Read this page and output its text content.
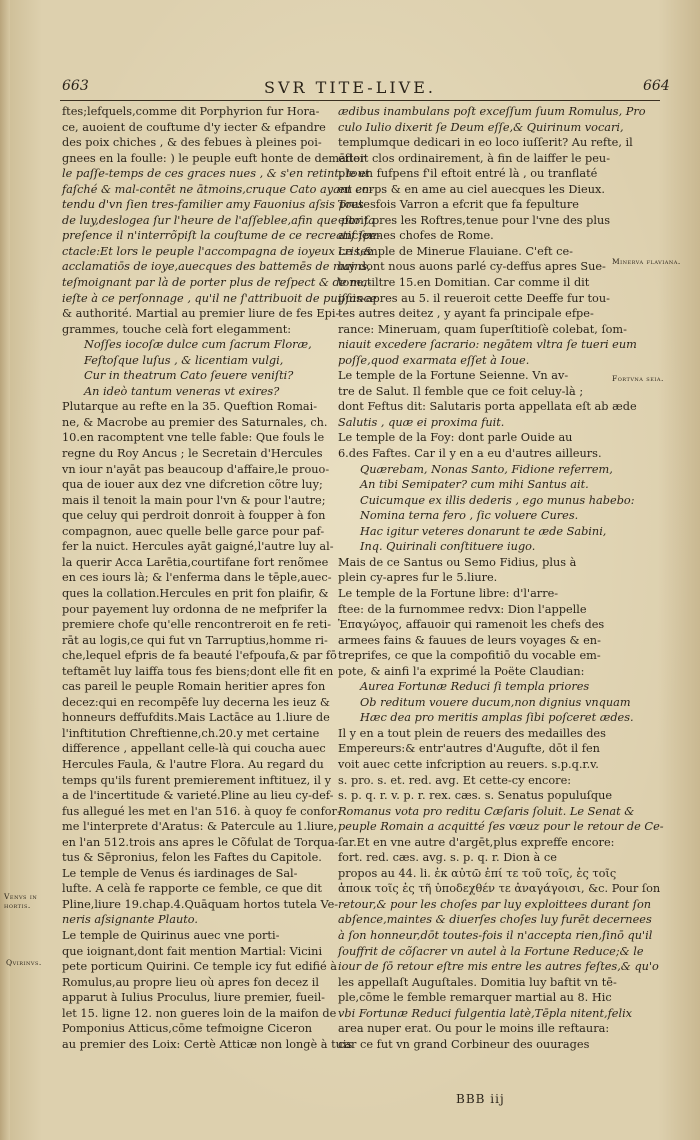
663	SVR TITE-LIVE.	664
ftes;lefquels,comme dit Porphyrion fur Hora-
ce, auoient de couftume d'y iecter & efpandre
des poix chiches , & des febues à pleines poi-
gnees en la foulle: ) le peuple euft honte de demāder
le paſſe-temps de ces graces nues , & s'en retint, tout
faſché & mal-contēt ne ātmoins,cruque Cato ayant en-
tendu d'vn ſien tres-familier amy Fauonius aſsis pres
de luy,deslogea ſur l'heure de l'aſſeblee,afin que par ſa
preſence il n'interrõpiſt la couſtume de ce recreatif ſpe-
ctacle:Et lors le peuple l'accompagna de ioyeux cris,&
acclamatiōs de ioye,auecques des battemēs de mains,
teſmoignant par là de porter plus de reſpect & de ma-
ieſte à ce perſonnage , qu'il ne ſ'attribuoit de puiſſance
& authorité. Martial au premier liure de fes Epi-
grammes, touche celà fort elegamment:
Noſſes iocoſæ dulce cum ſacrum Floræ,
Feſtoſque luſus , & licentiam vulgi,
Cur in theatrum Cato ſeuere veniſti?
An ideò tantum veneras vt exires?
Plutarque au refte en la 35. Queftion Romai-
ne, & Macrobe au premier des Saturnales, ch.
10.en racomptent vne telle fable: Que fouls le
regne du Roy Ancus ; le Secretain d'Hercules
vn iour n'ayāt pas beaucoup d'affaire,le prouo-
qua de iouer aux dez vne difcretion cõtre luy;
mais il tenoit la main pour l'vn & pour l'autre;
que celuy qui perdroit donroit à foupper à fon
compagnon, auec quelle belle garce pour paf-
fer la nuict. Hercules ayāt gaigné,l'autre luy al-
la querir Acca Larētia,courtifane fort renõmee
en ces iours là; & l'enferma dans le tēple,auec-
ques la collation.Hercules en prit fon plaifir, &
pour payement luy ordonna de ne mefprifer la
premiere chofe qu'elle rencontreroit en fe reti-
rāt au logis,ce qui fut vn Tarruptius,homme ri-
che,lequel efpris de fa beauté l'efpoufa,& par fō
teftamēt luy laiffa tous fes biens;dont elle fit en
cas pareil le peuple Romain heritier apres fon
decez:qui en recompēfe luy decerna les ieuz &
honneurs deffufdits.Mais Lactāce au 1.liure de
l'inftitution Chreftienne,ch.20.y met certaine
difference , appellant celle-là qui coucha auec
Hercules Faula, & l'autre Flora. Au regard du
temps qu'ils furent premierement inftituez, il y
a de l'incertitude & varieté.Pline au lieu cy-def-
fus allegué les met en l'an 516. à quoy fe confor-
me l'interprete d'Aratus: & Patercule au 1.liure,
en l'an 512.trois ans apres le Cõfulat de Torqua-
tus & Sēpronius, felon les Faftes du Capitole.
Le temple de Venus és iardinages de Sal-
lufte. A celà fe rapporte ce femble, ce que dit
Pline,liure 19.chap.4.Quāquam hortos tutela Ve-
neris aſsignante Plauto.
Le temple de Quirinus auec vne porti-
que ioignant,dont fait mention Martial: Vicini
pete porticum Quirini. Ce temple icy fut edifié à
Romulus,au propre lieu où apres fon decez il
apparut à Iulius Proculus, liure premier, fueil-
let 15. ligne 12. non gueres loin de la maifon de
Pomponius Atticus,cōme tefmoigne Ciceron
au premier des Loix: Certè Atticæ non longè à tuis
ædibus inambulans poſt exceſſum ſuum Romulus, Pro
culo Iulio dixerit ſe Deum eſſe,& Quirinum vocari,
templumque dedicari in eo loco iuſſerit? Au refte, il
eftoit clos ordinairement, à fin de laiffer le peu-
ple en fufpens f'il eftoit entré là , ou tranflaté
en corps & en ame au ciel auecques les Dieux.
Toutesfois Varron a efcrit que fa fepulture
eftoit pres les Roftres,tenue pour l'vne des plus
anciennes chofes de Rome.
Le temple de Minerue Flauiane. C'eft ce-
luy dont nous auons parlé cy-deffus apres Sue-
tone,tiltre 15.en Domitian. Car comme il dit
puis-apres au 5. il reueroit cette Deeffe fur tou-
tes autres deitez , y ayant fa principale efpe-
rance: Mineruam, quam ſuperſtitioſè colebat, ſom-
niauit excedere ſacrario: negātem vltra ſe tueri eum
poſſe,quod exarmata eſſet à Ioue.
Le temple de la Fortune Seienne. Vn av-
tre de Salut. Il femble que ce foit celuy-là ;
dont Feftus dit: Salutaris porta appellata eſt ab æde
Salutis , quæ ei proxima fuit.
Le temple de la Foy: dont parle Ouide au
6.des Faftes. Car il y en a eu d'autres ailleurs.
Quærebam, Nonas Santo, Fidione referrem,
An tibi Semipater? cum mihi Santus ait.
Cuicumque ex illis dederis , ego munus habebo:
Nomina terna fero , ſic voluere Cures.
Hac igitur veteres donarunt te æde Sabini,
Inq. Quirinali conſtituere iugo.
Mais de ce Santus ou Semo Fidius, plus à
plein cy-apres fur le 5.liure.
Le temple de la Fortune libre: d'l'arre-
ftee: de la furnommee redvx: Dion l'appelle
Ἐπαγώγος, affauoir qui ramenoit les chefs des
armees fains & fauues de leurs voyages & en-
treprifes, ce que la compofitiō du vocable em-
pote, & ainfi l'a exprimé la Poëte Claudian:
Aurea Fortunæ Reduci ſi templa priores
Ob reditum vouere ducum,non dignius vnquam
Hæc dea pro meritis amplas ſibi poſceret ædes.
Il y en a tout plein de reuers des medailles des
Empereurs:& entr'autres d'Augufte, dōt il fen
voit auec cette infcription au reuers. s.p.q.r.v.
s. pro. s. et. red. avg. Et cette-cy encore:
s. p. q. r. v. p. r. rex. cæs. s. Senatus populuſque
Romanus vota pro reditu Cæſaris ſoluit. Le Senat &
peuple Romain a acquitté ſes vœuz pour le retour de Ce-
ſar.Et en vne autre d'argēt,plus expreffe encore:
fort. red. cæs. avg. s. p. q. r. Dion à ce
propos au 44. li. ἐκ αὐτῶ ἐπί τε τοῦ τοῖς, ἐς τοῖς
ἀποικ τοῖς ἐς τῆ ὑποδεχθέν τε ἀναγάγοισι, &c. Pour ſon
retour,& pour les choſes par luy exploittees durant ſon
abſence,maintes & diuerſes choſes luy furēt decernees
à ſon honneur,dōt toutes-fois il n'accepta rien,ſinō qu'il
ſouffrit de cõſacrer vn autel à la Fortune Reduce;& le
iour de ſō retour eſtre mis entre les autres feſtes,& qu'o
les appellaſt Auguſtales. Domitia luy baftit vn tē-
ple,cōme le femble remarquer martial au 8. Hic
vbi Fortunæ Reduci fulgentia latè,Tēpla nitent,felix
area nuper erat. Ou pour le moins ille reftaura:
car ce fut vn grand Corbineur des ouurages
Minerva flaviana.
Fortvna seia.
Venvs in hortis.
Qvirinvs.
BBB iij
